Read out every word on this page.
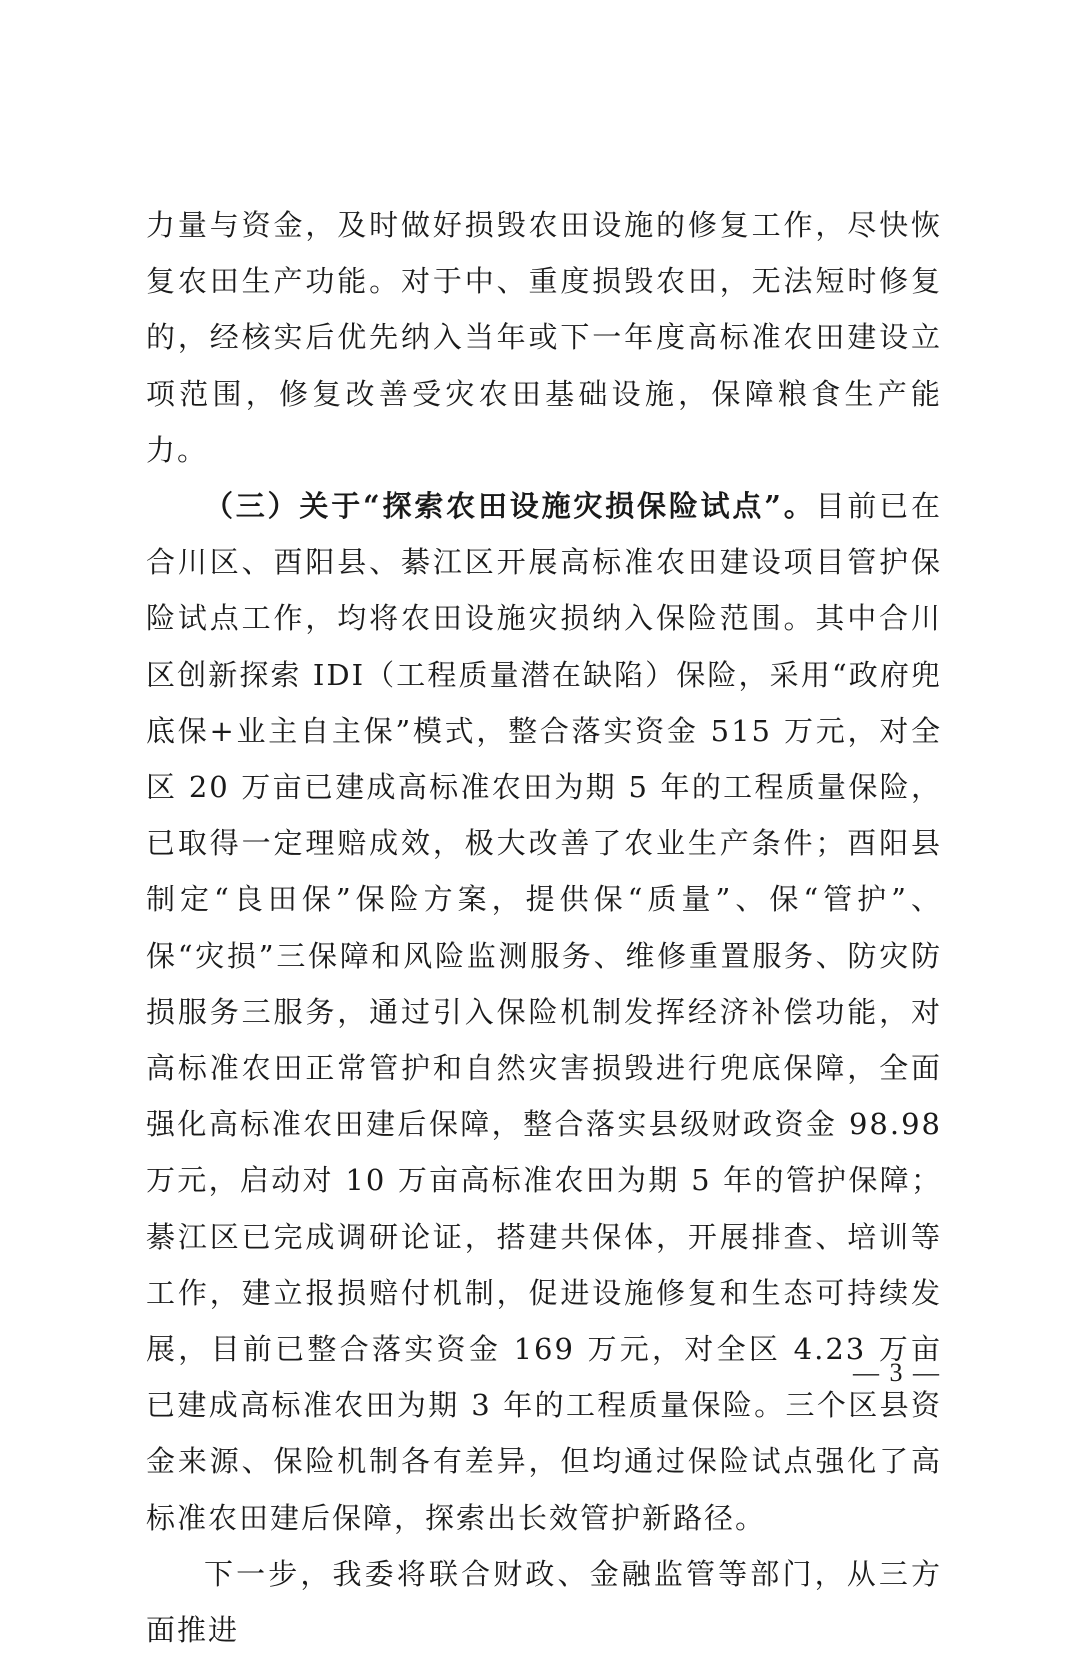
力量与资金，及时做好损毁农田设施的修复工作，尽快恢复农田生产功能。对于中、重度损毁农田，无法短时修复的，经核实后优先纳入当年或下一年度高标准农田建设立项范围，修复改善受灾农田基础设施，保障粮食生产能力。

（三）关于“探索农田设施灾损保险试点”。目前已在合川区、酉阳县、綦江区开展高标准农田建设项目管护保险试点工作，均将农田设施灾损纳入保险范围。其中合川区创新探索 IDI（工程质量潜在缺陷）保险，采用“政府兜底保+业主自主保”模式，整合落实资金 515 万元，对全区 20 万亩已建成高标准农田为期 5 年的工程质量保险，已取得一定理赔成效，极大改善了农业生产条件；酉阳县制定“良田保”保险方案，提供保“质量”、保“管护”、保“灾损”三保障和风险监测服务、维修重置服务、防灾防损服务三服务，通过引入保险机制发挥经济补偿功能，对高标准农田正常管护和自然灾害损毁进行兜底保障，全面强化高标准农田建后保障，整合落实县级财政资金 98.98 万元，启动对 10 万亩高标准农田为期 5 年的管护保障；綦江区已完成调研论证，搭建共保体，开展排查、培训等工作，建立报损赔付机制，促进设施修复和生态可持续发展，目前已整合落实资金 169 万元，对全区 4.23 万亩已建成高标准农田为期 3 年的工程质量保险。三个区县资金来源、保险机制各有差异，但均通过保险试点强化了高标准农田建后保障，探索出长效管护新路径。

下一步，我委将联合财政、金融监管等部门，从三方面推进

— 3 —
